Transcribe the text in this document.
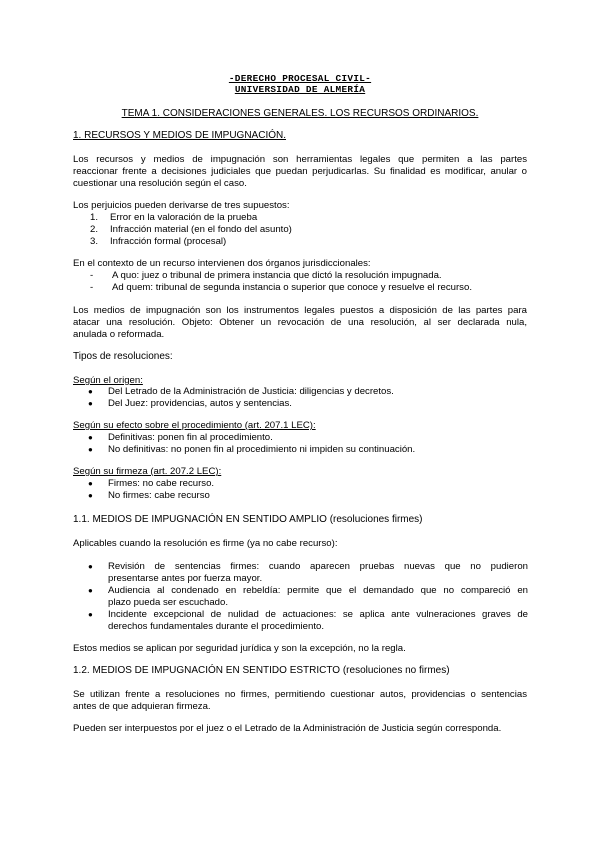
-DERECHO PROCESAL CIVIL-
UNIVERSIDAD DE ALMERÍA
TEMA 1. CONSIDERACIONES GENERALES. LOS RECURSOS ORDINARIOS.
1. RECURSOS Y MEDIOS DE IMPUGNACIÓN.
Los recursos y medios de impugnación son herramientas legales que permiten a las partes
reaccionar frente a decisiones judiciales que puedan perjudicarlas. Su finalidad es modificar, anular o
cuestionar una resolución según el caso.
Los perjuicios pueden derivarse de tres supuestos:
1. Error en la valoración de la prueba
2. Infracción material (en el fondo del asunto)
3. Infracción formal (procesal)
En el contexto de un recurso intervienen dos órganos jurisdiccionales:
- A quo: juez o tribunal de primera instancia que dictó la resolución impugnada.
- Ad quem: tribunal de segunda instancia o superior que conoce y resuelve el recurso.
Los medios de impugnación son los instrumentos legales puestos a disposición de las partes para
atacar una resolución. Objeto: Obtener un revocación de una resolución, al ser declarada nula,
anulada o reformada.
Tipos de resoluciones:
Según el origen:
● Del Letrado de la Administración de Justicia: diligencias y decretos.
● Del Juez: providencias, autos y sentencias.
Según su efecto sobre el procedimiento (art. 207.1 LEC):
● Definitivas: ponen fin al procedimiento.
● No definitivas: no ponen fin al procedimiento ni impiden su continuación.
Según su firmeza (art. 207.2 LEC):
● Firmes: no cabe recurso.
● No firmes: cabe recurso
1.1. MEDIOS DE IMPUGNACIÓN EN SENTIDO AMPLIO (resoluciones firmes)
Aplicables cuando la resolución es firme (ya no cabe recurso):
● Revisión de sentencias firmes: cuando aparecen pruebas nuevas que no pudieron
presentarse antes por fuerza mayor.
● Audiencia al condenado en rebeldía: permite que el demandado que no compareció en
plazo pueda ser escuchado.
● Incidente excepcional de nulidad de actuaciones: se aplica ante vulneraciones graves de
derechos fundamentales durante el procedimiento.
Estos medios se aplican por seguridad jurídica y son la excepción, no la regla.
1.2. MEDIOS DE IMPUGNACIÓN EN SENTIDO ESTRICTO (resoluciones no firmes)
Se utilizan frente a resoluciones no firmes, permitiendo cuestionar autos, providencias o sentencias
antes de que adquieran firmeza.
Pueden ser interpuestos por el juez o el Letrado de la Administración de Justicia según corresponda.
